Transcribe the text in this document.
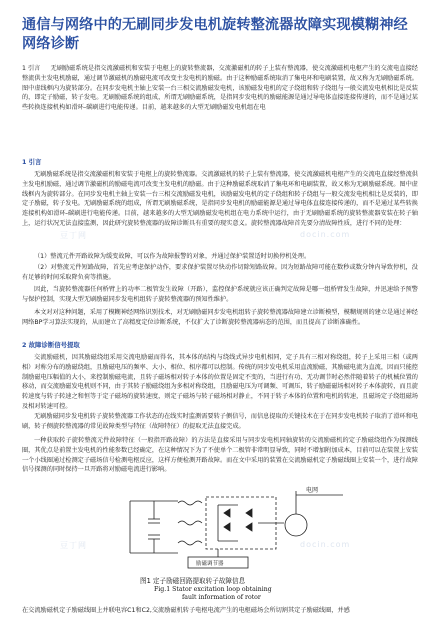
通信与网络中的无刷同步发电机旋转整流器故障实现模糊神经网络诊断
1 引言 无刷励磁系统是指交流激磁机和安装于电枢上的旋转整流器，交流激磁机的转子上装有整流器，使交流激磁机电枢产生的交流电直接经整流供主发电机励磁，通过调节激磁机的励磁电流可改变主发电机的励磁。由于这种励磁系统取消了集电环和电刷装置，故又称为无刷励磁系统。图中虚线框内为旋转部分。在同步发电机主轴上安装一台三相交流励磁发电机，该励磁发电机的定子绕组和转子绕组与一般交流发电机相比是反装的，即定子励磁，转子发电。无刷励磁系统的组成，所谓无刷励磁系统，是指同步发电机的励磁能源是通过导电体直接连接传递的，而不是通过某些转换连接机构如滑环-碳刷进行电能传递。目前，越来越多的大型无刷励磁发电机组在电
1 引言
无刷励磁系统是指交流激磁机和安装于电枢上的旋转整流器。交流激磁机的转子上装有整流器，使交流激磁机电枢产生的交流电直接经整流供主发电机励磁，通过调节激磁机的励磁电流可改变主发电机的励磁。由于这种励磁系统取消了集电环和电刷装置，故又称为无刷励磁系统。图中虚线框内为旋转部分。在同步发电机主轴上安装一台三相交流励磁发电机，该励磁发电机的定子绕组和转子绕组与一般交流发电机相比是反装的，即定子励磁，转子发电。无刷励磁系统的组成，所谓无刷励磁系统，是指同步发电机的励磁能源是通过导电体直接连接传递的，而不是通过某些转换连接机构如滑环-碳刷进行电能传递。目前，越来越多的大型无刷励磁发电机组在电力系统中运行，由于无刷励磁系统的旋转整流器安装在转子轴上，运行状况无法直接监测，因此研究旋转整流器的故障诊断具有重要的现实意义。旋转整流器故障首先要分清故障性质，进行不同的处理：
（1）整流元件开路故障为缓变故障，可以作为故障报警的对象，并通过保护装置适时切换停机处理。
（2）对整流元件短路故障，首先应考虑保护动作，要求保护装置尽快动作切除短路故障。因为短路故障可能在数秒或数分钟内导致停机，没有足够的时间采取降负荷等措施。
因此，当旋转整流器任何桥臂上的功率二极管发生故障（开路），监控保护系统就应该正确判定故障是哪一组桥臂发生故障，并迅速给予预警与保护控制，实现大型无刷励磁同步发电机组转子旋转整流器的预知性维护。
本文对对这种问题，采用了模糊神经网络识别技术，对无刷励磁同步发电机组转子旋转整流器故障建立诊断模型，模糊规则的建立是通过神经网络BP学习算法实现的，从而建立了高精度定位诊断系统，不仅扩大了诊断旋转整流器病态的范围，而且提高了诊断准确性。
2 故障诊断信号提取
交流励磁机，因其励磁绕组采用交流电励磁而得名，其本体的结构与绕线式异步电机相同，定子具有三相对称绕组，转子上采用三相（或两相）对称分布的励磁绕组，且励磁电压的频率、大小、相位、相序都可以控制。传统的同步发电机采用直流励磁，其励磁电流为直流，因而只能控制励磁电压幅值的大小，来控制励磁电流，且转子磁场相对转子本体的位置是固定不变的，当进行有功、无功调节时必然伴随着转子的机械位置的移动，而交流励磁发电机则不同，由于其转子励磁绕组为多相对称绕组，且励磁电压为可调频、可调压，转子励磁磁场相对转子本体旋转，而且旋转速度与转子转速之和恒等于定子磁场的旋转速度，则定子磁场与转子磁场相对静止，不同于转子本体的位置和电机的转速，且磁场定子绕组磁场及相对转速可控。
无刷励磁同步发电机转子旋转整流器工作状态的在线实时监测需要转子侧信号，而信息提取的关键技术在于在同步发电机转子取消了滑环和电刷，转子侧旋转整流器的常见故障类型与特征（故障特征）的提取无法直接完成。
一种获取转子旋转整流元件故障特征（一般指开路故障）的方法是直接采用与同步发电机同轴旋转的交流励磁机的定子励磁绕组作为探测线圈，其优点是前置主发电机的性能参数已经确定，在这种情况下为了不使单个二极管非常明显导致，同时不增加附加成本，目前可以在装置上安装一个小线圈通过检测定子磁场信号检测电枢反应，这样方便检测开路故障。而在文中采用的装置在交流励磁机定子励磁线圈上安装一个，进行故障信号探测的同时保持一旦开路将对励磁电流进行影响。
电网
励磁调节器
图1 定子励磁回路提取转子故障信息
Fig.1 Stator excitation loop obtaining
fault information of rotor
在交流励磁机定子励磁线圈上并联电容C1和C2,交流励磁机转子电枢电流产生的电枢磁场会所切割其定子励磁线圈，并感
豆丁网	docin.com
豆丁网	docin.com
